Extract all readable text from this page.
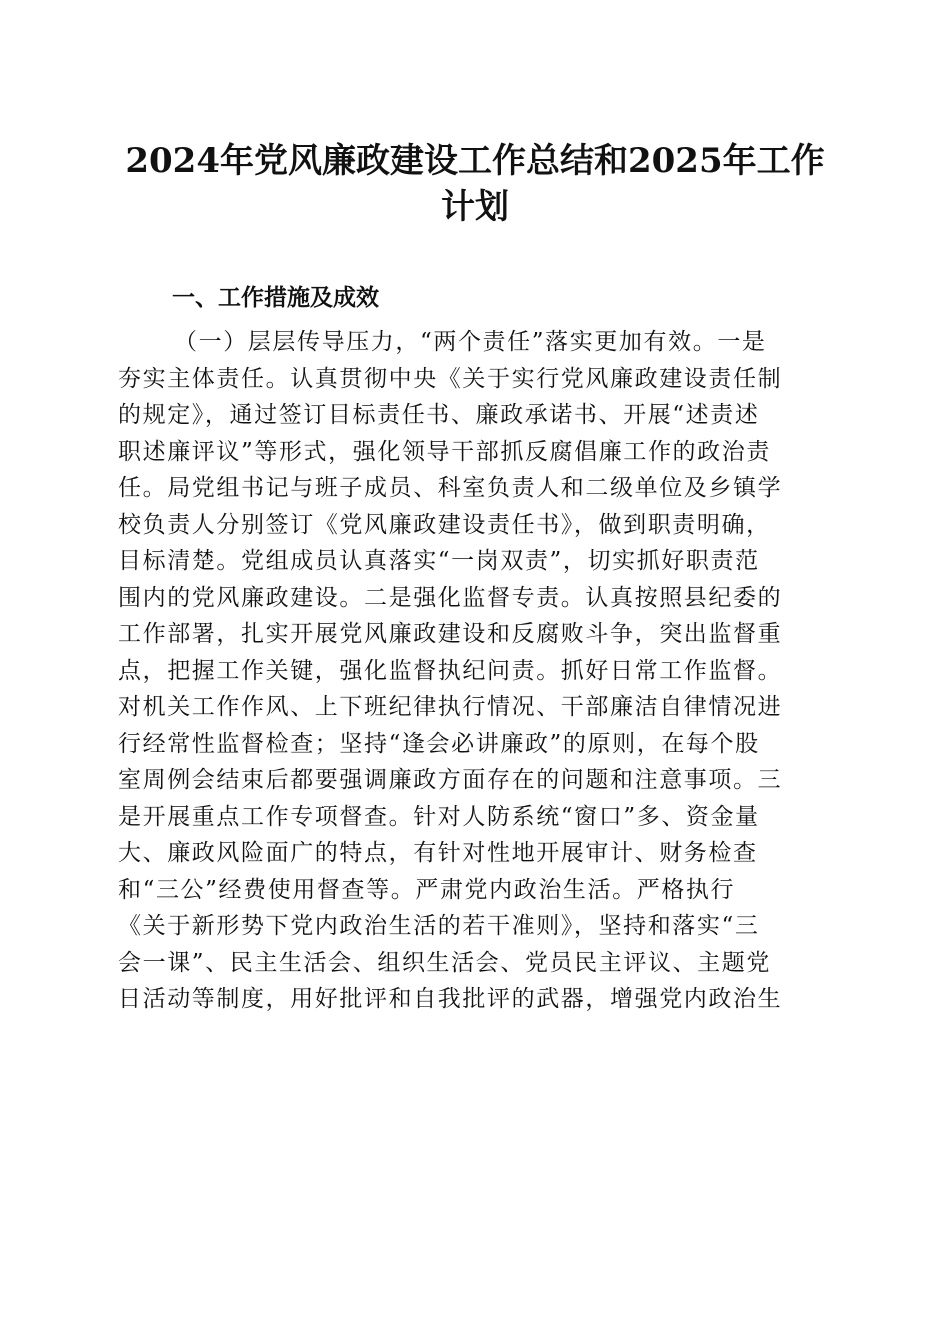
2024年党风廉政建设工作总结和2025年工作
计划
一、工作措施及成效
（一）层层传导压力，“两个责任”落实更加有效。一是
夯实主体责任。认真贯彻中央《关于实行党风廉政建设责任制
的规定》，通过签订目标责任书、廉政承诺书、开展“述责述
职述廉评议”等形式，强化领导干部抓反腐倡廉工作的政治责
任。局党组书记与班子成员、科室负责人和二级单位及乡镇学
校负责人分别签订《党风廉政建设责任书》，做到职责明确，
目标清楚。党组成员认真落实“一岗双责”，切实抓好职责范
围内的党风廉政建设。二是强化监督专责。认真按照县纪委的
工作部署，扎实开展党风廉政建设和反腐败斗争，突出监督重
点，把握工作关键，强化监督执纪问责。抓好日常工作监督。
对机关工作作风、上下班纪律执行情况、干部廉洁自律情况进
行经常性监督检查；坚持“逢会必讲廉政”的原则，在每个股
室周例会结束后都要强调廉政方面存在的问题和注意事项。三
是开展重点工作专项督查。针对人防系统“窗口”多、资金量
大、廉政风险面广的特点，有针对性地开展审计、财务检查
和“三公”经费使用督查等。严肃党内政治生活。严格执行
《关于新形势下党内政治生活的若干准则》，坚持和落实“三
会一课”、民主生活会、组织生活会、党员民主评议、主题党
日活动等制度，用好批评和自我批评的武器，增强党内政治生
